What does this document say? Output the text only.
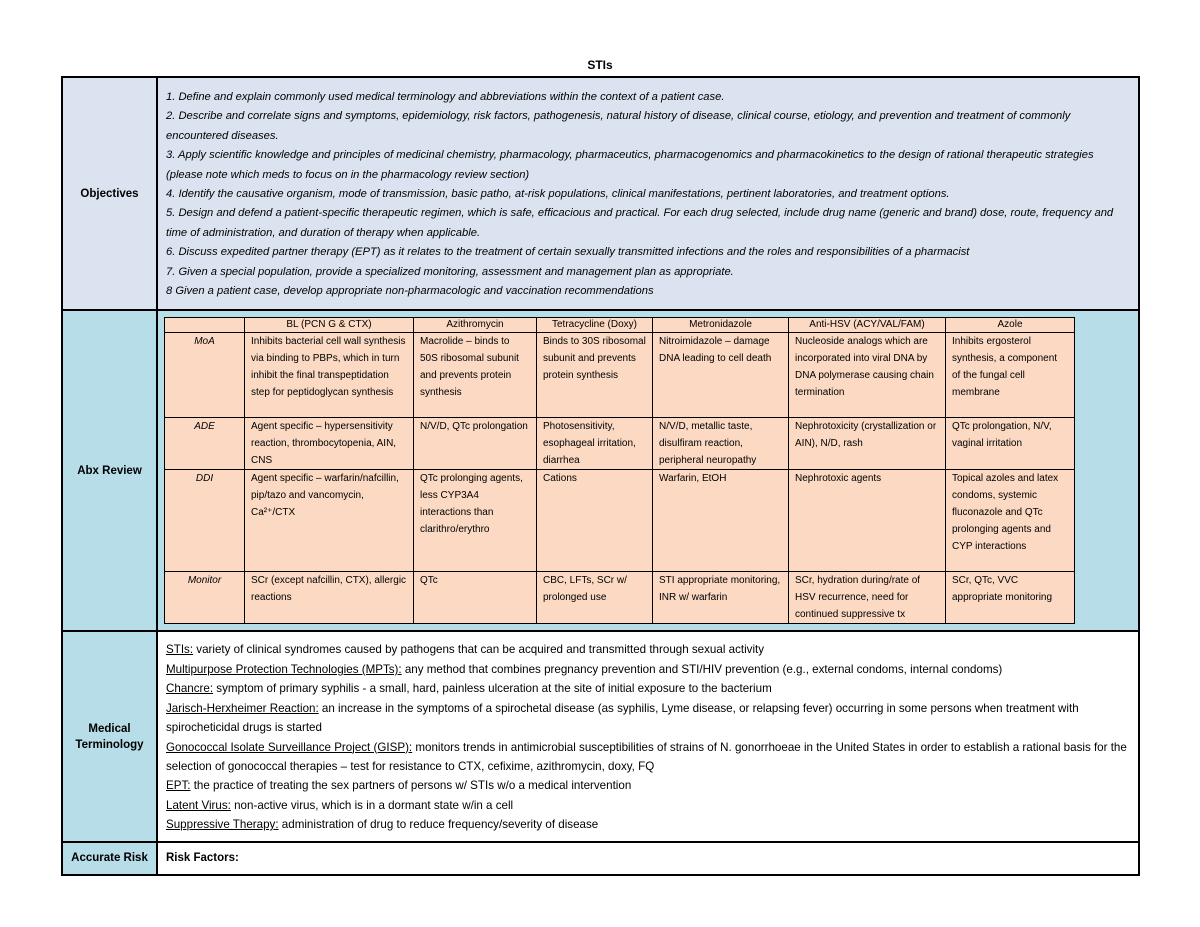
STIs
Objectives	
1. Define and explain commonly used medical terminology and abbreviations within the context of a patient case.
2. Describe and correlate signs and symptoms, epidemiology, risk factors, pathogenesis, natural history of disease, clinical course, etiology, and prevention and treatment of commonly encountered diseases.
3. Apply scientific knowledge and principles of medicinal chemistry, pharmacology, pharmaceutics, pharmacogenomics and pharmacokinetics to the design of rational therapeutic strategies (please note which meds to focus on in the pharmacology review section)
4. Identify the causative organism, mode of transmission, basic patho, at-risk populations, clinical manifestations, pertinent laboratories, and treatment options.
5. Design and defend a patient-specific therapeutic regimen, which is safe, efficacious and practical. For each drug selected, include drug name (generic and brand) dose, route, frequency and time of administration, and duration of therapy when applicable.
6. Discuss expedited partner therapy (EPT) as it relates to the treatment of certain sexually transmitted infections and the roles and responsibilities of a pharmacist
7. Given a special population, provide a specialized monitoring, assessment and management plan as appropriate.
8 Given a patient case, develop appropriate non-pharmacologic and vaccination recommendations

Abx Review	
	BL (PCN G & CTX)	Azithromycin	Tetracycline (Doxy)	Metronidazole	Anti-HSV (ACY/VAL/FAM)	Azole
MoA	Inhibits bacterial cell wall synthesis via binding to PBPs, which in turn inhibit the final transpeptidation step for peptidoglycan synthesis	Macrolide – binds to 50S ribosomal subunit and prevents protein synthesis	Binds to 30S ribosomal subunit and prevents protein synthesis	Nitroimidazole – damage DNA leading to cell death	Nucleoside analogs which are incorporated into viral DNA by DNA polymerase causing chain termination	Inhibits ergosterol synthesis, a component of the fungal cell membrane
ADE	Agent specific – hypersensitivity reaction, thrombocytopenia, AIN, CNS	N/V/D, QTc prolongation	Photosensitivity, esophageal irritation, diarrhea	N/V/D, metallic taste, disulfiram reaction, peripheral neuropathy	Nephrotoxicity (crystallization or AIN), N/D, rash	QTc prolongation, N/V, vaginal irritation
DDI	Agent specific – warfarin/nafcillin, pip/tazo and vancomycin, Ca²⁺/CTX	QTc prolonging agents, less CYP3A4 interactions than clarithro/erythro	Cations	Warfarin, EtOH	Nephrotoxic agents	Topical azoles and latex condoms, systemic fluconazole and QTc prolonging agents and CYP interactions
Monitor	SCr (except nafcillin, CTX), allergic reactions	QTc	CBC, LFTs, SCr w/ prolonged use	STI appropriate monitoring, INR w/ warfarin	SCr, hydration during/rate of HSV recurrence, need for continued suppressive tx	SCr, QTc, VVC appropriate monitoring

Medical Terminology	
STIs: variety of clinical syndromes caused by pathogens that can be acquired and transmitted through sexual activity
Multipurpose Protection Technologies (MPTs): any method that combines pregnancy prevention and STI/HIV prevention (e.g., external condoms, internal condoms)
Chancre: symptom of primary syphilis - a small, hard, painless ulceration at the site of initial exposure to the bacterium
Jarisch-Herxheimer Reaction: an increase in the symptoms of a spirochetal disease (as syphilis, Lyme disease, or relapsing fever) occurring in some persons when treatment with spirocheticidal drugs is started
Gonococcal Isolate Surveillance Project (GISP): monitors trends in antimicrobial susceptibilities of strains of N. gonorrhoeae in the United States in order to establish a rational basis for the selection of gonococcal therapies – test for resistance to CTX, cefixime, azithromycin, doxy, FQ
EPT: the practice of treating the sex partners of persons w/ STIs w/o a medical intervention
Latent Virus: non-active virus, which is in a dormant state w/in a cell
Suppressive Therapy: administration of drug to reduce frequency/severity of disease

Accurate Risk	Risk Factors:
